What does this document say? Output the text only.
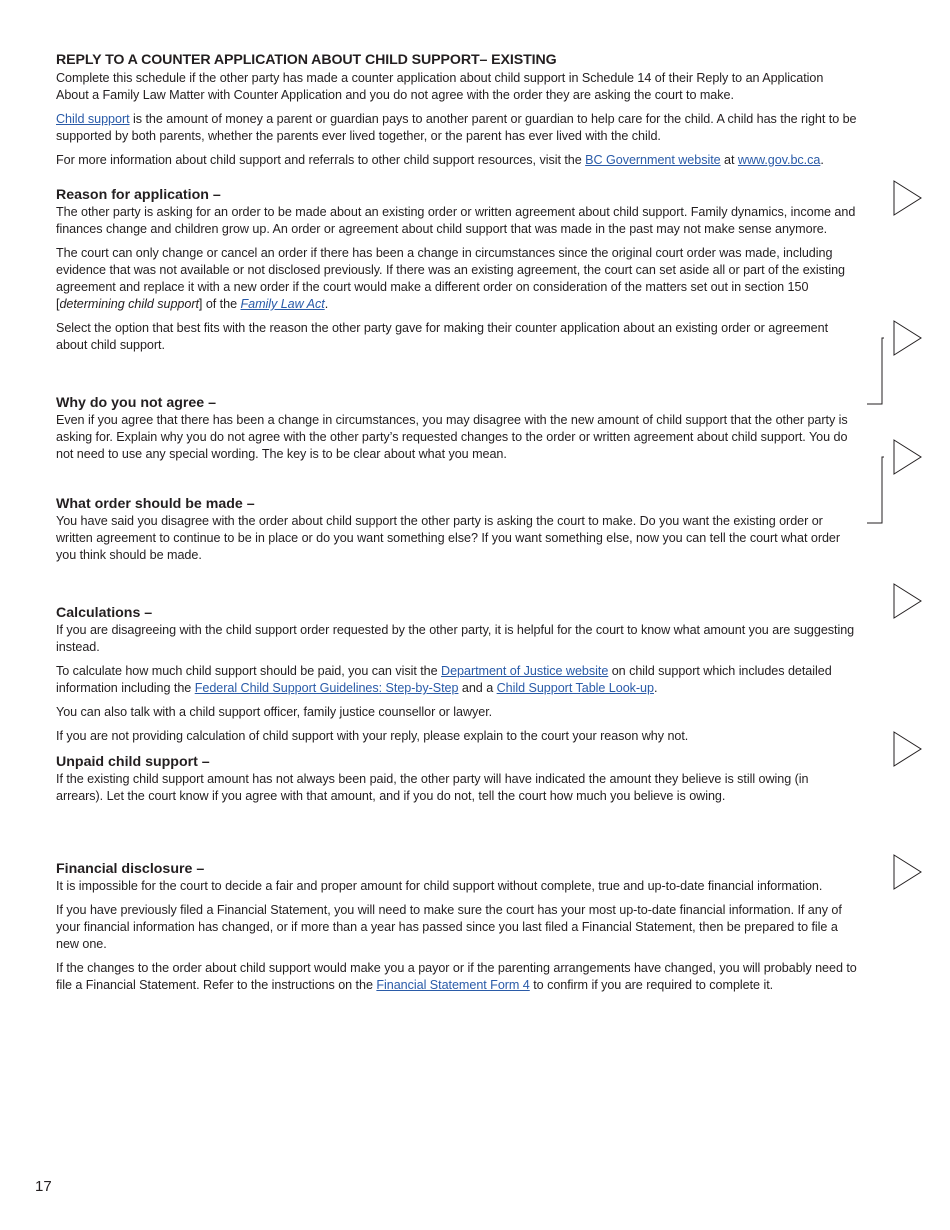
REPLY TO A COUNTER APPLICATION ABOUT CHILD SUPPORT– EXISTING

Complete this schedule if the other party has made a counter application about child support in Schedule 14 of their Reply to an Application About a Family Law Matter with Counter Application and you do not agree with the order they are asking the court to make.

Child support is the amount of money a parent or guardian pays to another parent or guardian to help care for the child. A child has the right to be supported by both parents, whether the parents ever lived together, or the parent has ever lived with the child.

For more information about child support and referrals to other child support resources, visit the BC Government website at www.gov.bc.ca.

Reason for application –

The other party is asking for an order to be made about an existing order or written agreement about child support. Family dynamics, income and finances change and children grow up. An order or agreement about child support that was made in the past may not make sense anymore.

The court can only change or cancel an order if there has been a change in circumstances since the original court order was made, including evidence that was not available or not disclosed previously. If there was an existing agreement, the court can set aside all or part of the existing agreement and replace it with a new order if the court would make a different order on consideration of the matters set out in section 150 [determining child support] of the Family Law Act.

Select the option that best fits with the reason the other party gave for making their counter application about an existing order or agreement about child support.

Why do you not agree –

Even if you agree that there has been a change in circumstances, you may disagree with the new amount of child support that the other party is asking for. Explain why you do not agree with the other party’s requested changes to the order or written agreement about child support. You do not need to use any special wording. The key is to be clear about what you mean.

What order should be made –

You have said you disagree with the order about child support the other party is asking the court to make. Do you want the existing order or written agreement to continue to be in place or do you want something else? If you want something else, now you can tell the court what order you think should be made.

Calculations –

If you are disagreeing with the child support order requested by the other party, it is helpful for the court to know what amount you are suggesting instead.

To calculate how much child support should be paid, you can visit the Department of Justice website on child support which includes detailed information including the Federal Child Support Guidelines: Step-by-Step and a Child Support Table Look-up.

You can also talk with a child support officer, family justice counsellor or lawyer.

If you are not providing calculation of child support with your reply, please explain to the court your reason why not.

Unpaid child support –

If the existing child support amount has not always been paid, the other party will have indicated the amount they believe is still owing (in arrears). Let the court know if you agree with that amount, and if you do not, tell the court how much you believe is owing.

Financial disclosure –

It is impossible for the court to decide a fair and proper amount for child support without complete, true and up-to-date financial information.

If you have previously filed a Financial Statement, you will need to make sure the court has your most up-to-date financial information. If any of your financial information has changed, or if more than a year has passed since you last filed a Financial Statement, then be prepared to file a new one.

If the changes to the order about child support would make you a payor or if the parenting arrangements have changed, you will probably need to file a Financial Statement. Refer to the instructions on the Financial Statement Form 4 to confirm if you are required to complete it.

17
